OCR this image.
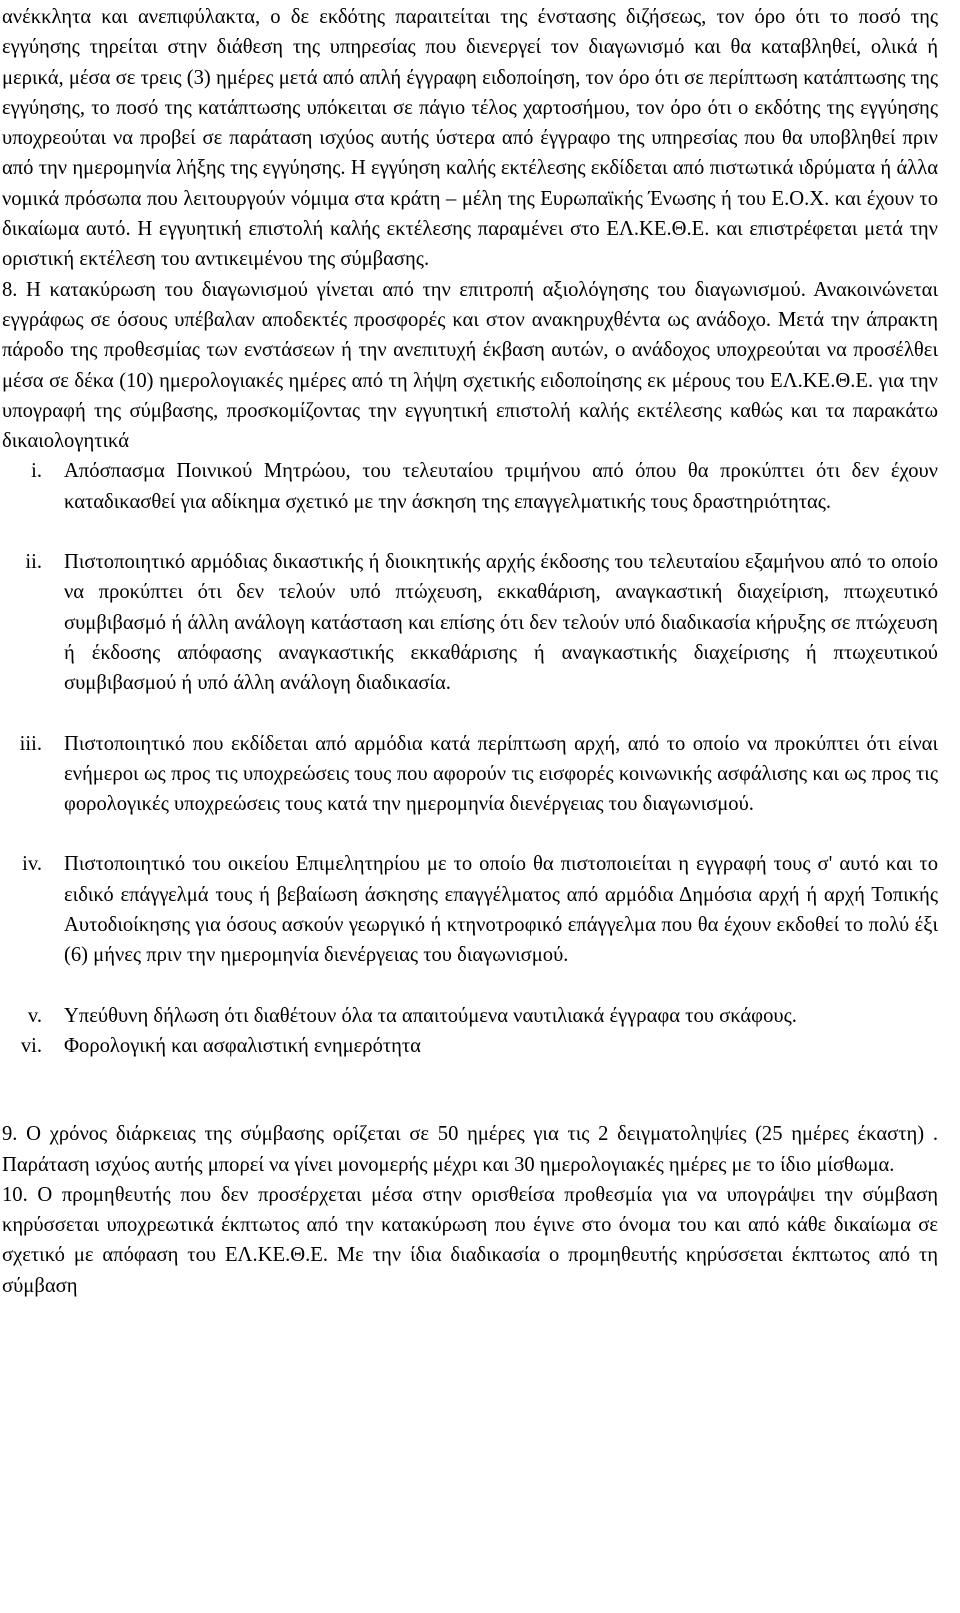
ανέκκλητα και ανεπιφύλακτα, ο δε εκδότης παραιτείται της ένστασης διζήσεως, τον όρο ότι το ποσό της εγγύησης τηρείται στην διάθεση της υπηρεσίας που διενεργεί τον διαγωνισμό και θα καταβληθεί, ολικά ή μερικά, μέσα σε τρεις (3) ημέρες μετά από απλή έγγραφη ειδοποίηση, τον όρο ότι σε περίπτωση κατάπτωσης της εγγύησης, το ποσό της κατάπτωσης υπόκειται σε πάγιο τέλος χαρτοσήμου, τον όρο ότι ο εκδότης της εγγύησης υποχρεούται να προβεί σε παράταση ισχύος αυτής ύστερα από έγγραφο της υπηρεσίας που θα υποβληθεί πριν από την ημερομηνία λήξης της εγγύησης. Η εγγύηση καλής εκτέλεσης εκδίδεται από πιστωτικά ιδρύματα ή άλλα νομικά πρόσωπα που λειτουργούν νόμιμα στα κράτη – μέλη της Ευρωπαϊκής Ένωσης ή του Ε.Ο.Χ. και έχουν το δικαίωμα αυτό. Η εγγυητική επιστολή καλής εκτέλεσης παραμένει στο ΕΛ.ΚΕ.Θ.Ε. και επιστρέφεται μετά την οριστική εκτέλεση του αντικειμένου της σύμβασης.

8. Η κατακύρωση του διαγωνισμού γίνεται από την επιτροπή αξιολόγησης του διαγωνισμού. Ανακοινώνεται εγγράφως σε όσους υπέβαλαν αποδεκτές προσφορές και στον ανακηρυχθέντα ως ανάδοχο. Μετά την άπρακτη πάροδο της προθεσμίας των ενστάσεων ή την ανεπιτυχή έκβαση αυτών, ο ανάδοχος υποχρεούται να προσέλθει μέσα σε δέκα (10) ημερολογιακές ημέρες από τη λήψη σχετικής ειδοποίησης εκ μέρους του ΕΛ.ΚΕ.Θ.Ε. για την υπογραφή της σύμβασης, προσκομίζοντας την εγγυητική επιστολή καλής εκτέλεσης καθώς και τα παρακάτω δικαιολογητικά

i.	Απόσπασμα Ποινικού Μητρώου, του τελευταίου τριμήνου από όπου θα προκύπτει ότι δεν έχουν καταδικασθεί για αδίκημα σχετικό με την άσκηση της επαγγελματικής τους δραστηριότητας.
ii.	Πιστοποιητικό αρμόδιας δικαστικής ή διοικητικής αρχής έκδοσης του τελευταίου εξαμήνου από το οποίο να προκύπτει ότι δεν τελούν υπό πτώχευση, εκκαθάριση, αναγκαστική διαχείριση, πτωχευτικό συμβιβασμό ή άλλη ανάλογη κατάσταση και επίσης ότι δεν τελούν υπό διαδικασία κήρυξης σε πτώχευση ή έκδοσης απόφασης αναγκαστικής εκκαθάρισης ή αναγκαστικής διαχείρισης ή πτωχευτικού συμβιβασμού ή υπό άλλη ανάλογη διαδικασία.
iii.	Πιστοποιητικό που εκδίδεται από αρμόδια κατά περίπτωση αρχή, από το οποίο να προκύπτει ότι είναι ενήμεροι ως προς τις υποχρεώσεις τους που αφορούν τις εισφορές κοινωνικής ασφάλισης και ως προς τις φορολογικές υποχρεώσεις τους κατά την ημερομηνία διενέργειας του διαγωνισμού.
iv.	Πιστοποιητικό του οικείου Επιμελητηρίου με το οποίο θα πιστοποιείται η εγγραφή τους σ' αυτό και το ειδικό επάγγελμά τους ή βεβαίωση άσκησης επαγγέλματος από αρμόδια Δημόσια αρχή ή αρχή Τοπικής Αυτοδιοίκησης για όσους ασκούν γεωργικό ή κτηνοτροφικό επάγγελμα που θα έχουν εκδοθεί το πολύ έξι (6) μήνες πριν την ημερομηνία διενέργειας του διαγωνισμού.
v.	Υπεύθυνη δήλωση ότι διαθέτουν όλα τα απαιτούμενα ναυτιλιακά έγγραφα του σκάφους.
vi.	Φορολογική και ασφαλιστική ενημερότητα

9. Ο χρόνος διάρκειας της σύμβασης ορίζεται σε 50 ημέρες για τις 2 δειγματοληψίες (25 ημέρες έκαστη) . Παράταση ισχύος αυτής μπορεί να γίνει μονομερής μέχρι και 30 ημερολογιακές ημέρες με το ίδιο μίσθωμα.

10. Ο προμηθευτής που δεν προσέρχεται μέσα στην ορισθείσα προθεσμία για να υπογράψει την σύμβαση κηρύσσεται υποχρεωτικά έκπτωτος από την κατακύρωση που έγινε στο όνομα του και από κάθε δικαίωμα σε σχετικό με απόφαση του ΕΛ.ΚΕ.Θ.Ε. Με την ίδια διαδικασία ο προμηθευτής κηρύσσεται έκπτωτος από τη σύμβαση
